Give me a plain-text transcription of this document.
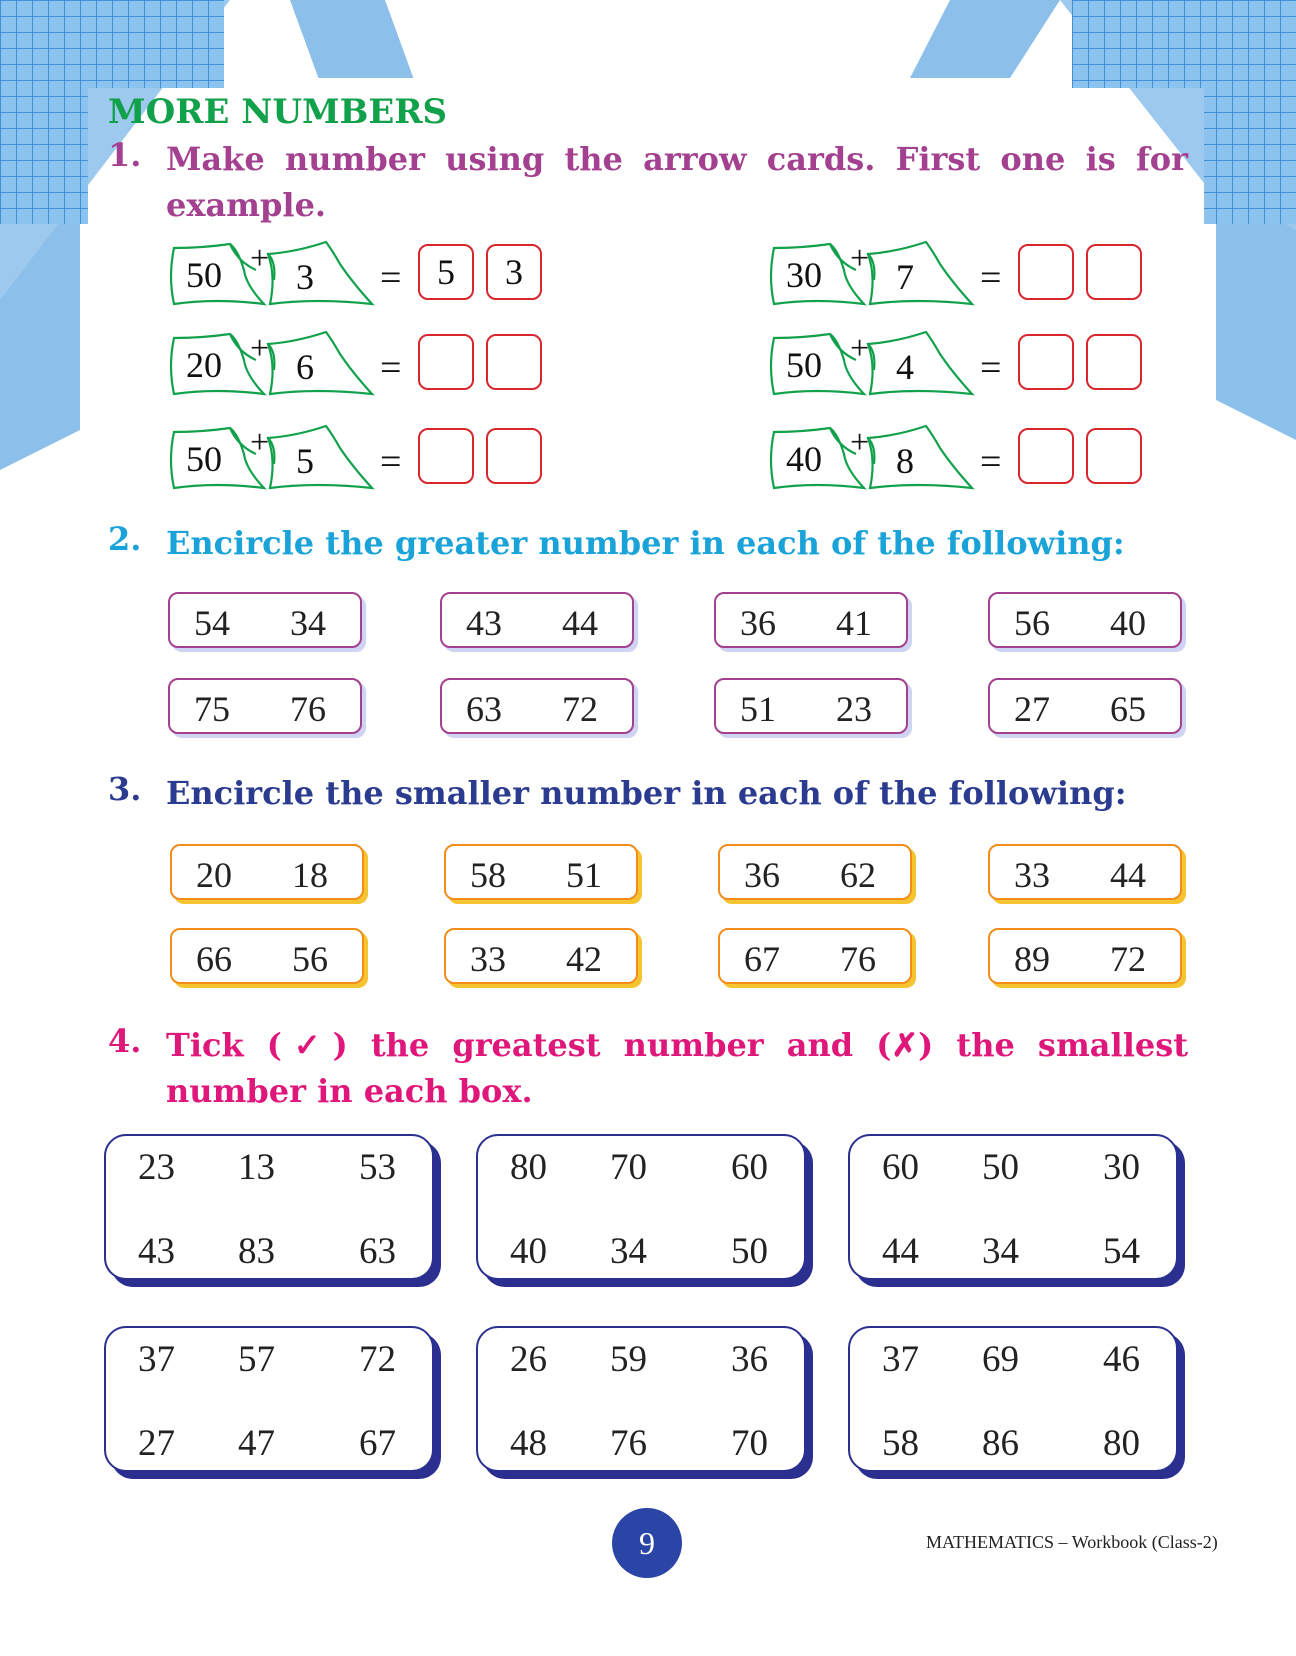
MORE NUMBERS
1. Make number using the arrow cards. First one is for example.
50 + 3 = 5	3	30 + 7 =
20 + 6 =	50 + 4 =
50 + 5 =	40 + 8 =
2. Encircle the greater number in each of the following:
54 34	43 44	36 41	56 40
75 76	63 72	51 23	27 65
3. Encircle the smaller number in each of the following:
20 18	58 51	36 62	33 44
66 56	33 42	67 76	89 72
4. Tick (✓) the greatest number and (✗) the smallest number in each box.
23 13 53
43 83 63
80 70 60
40 34 50
60 50 30
44 34 54
37 57 72
27 47 67
26 59 36
48 76 70
37 69 46
58 86 80
9	MATHEMATICS – Workbook (Class-2)
